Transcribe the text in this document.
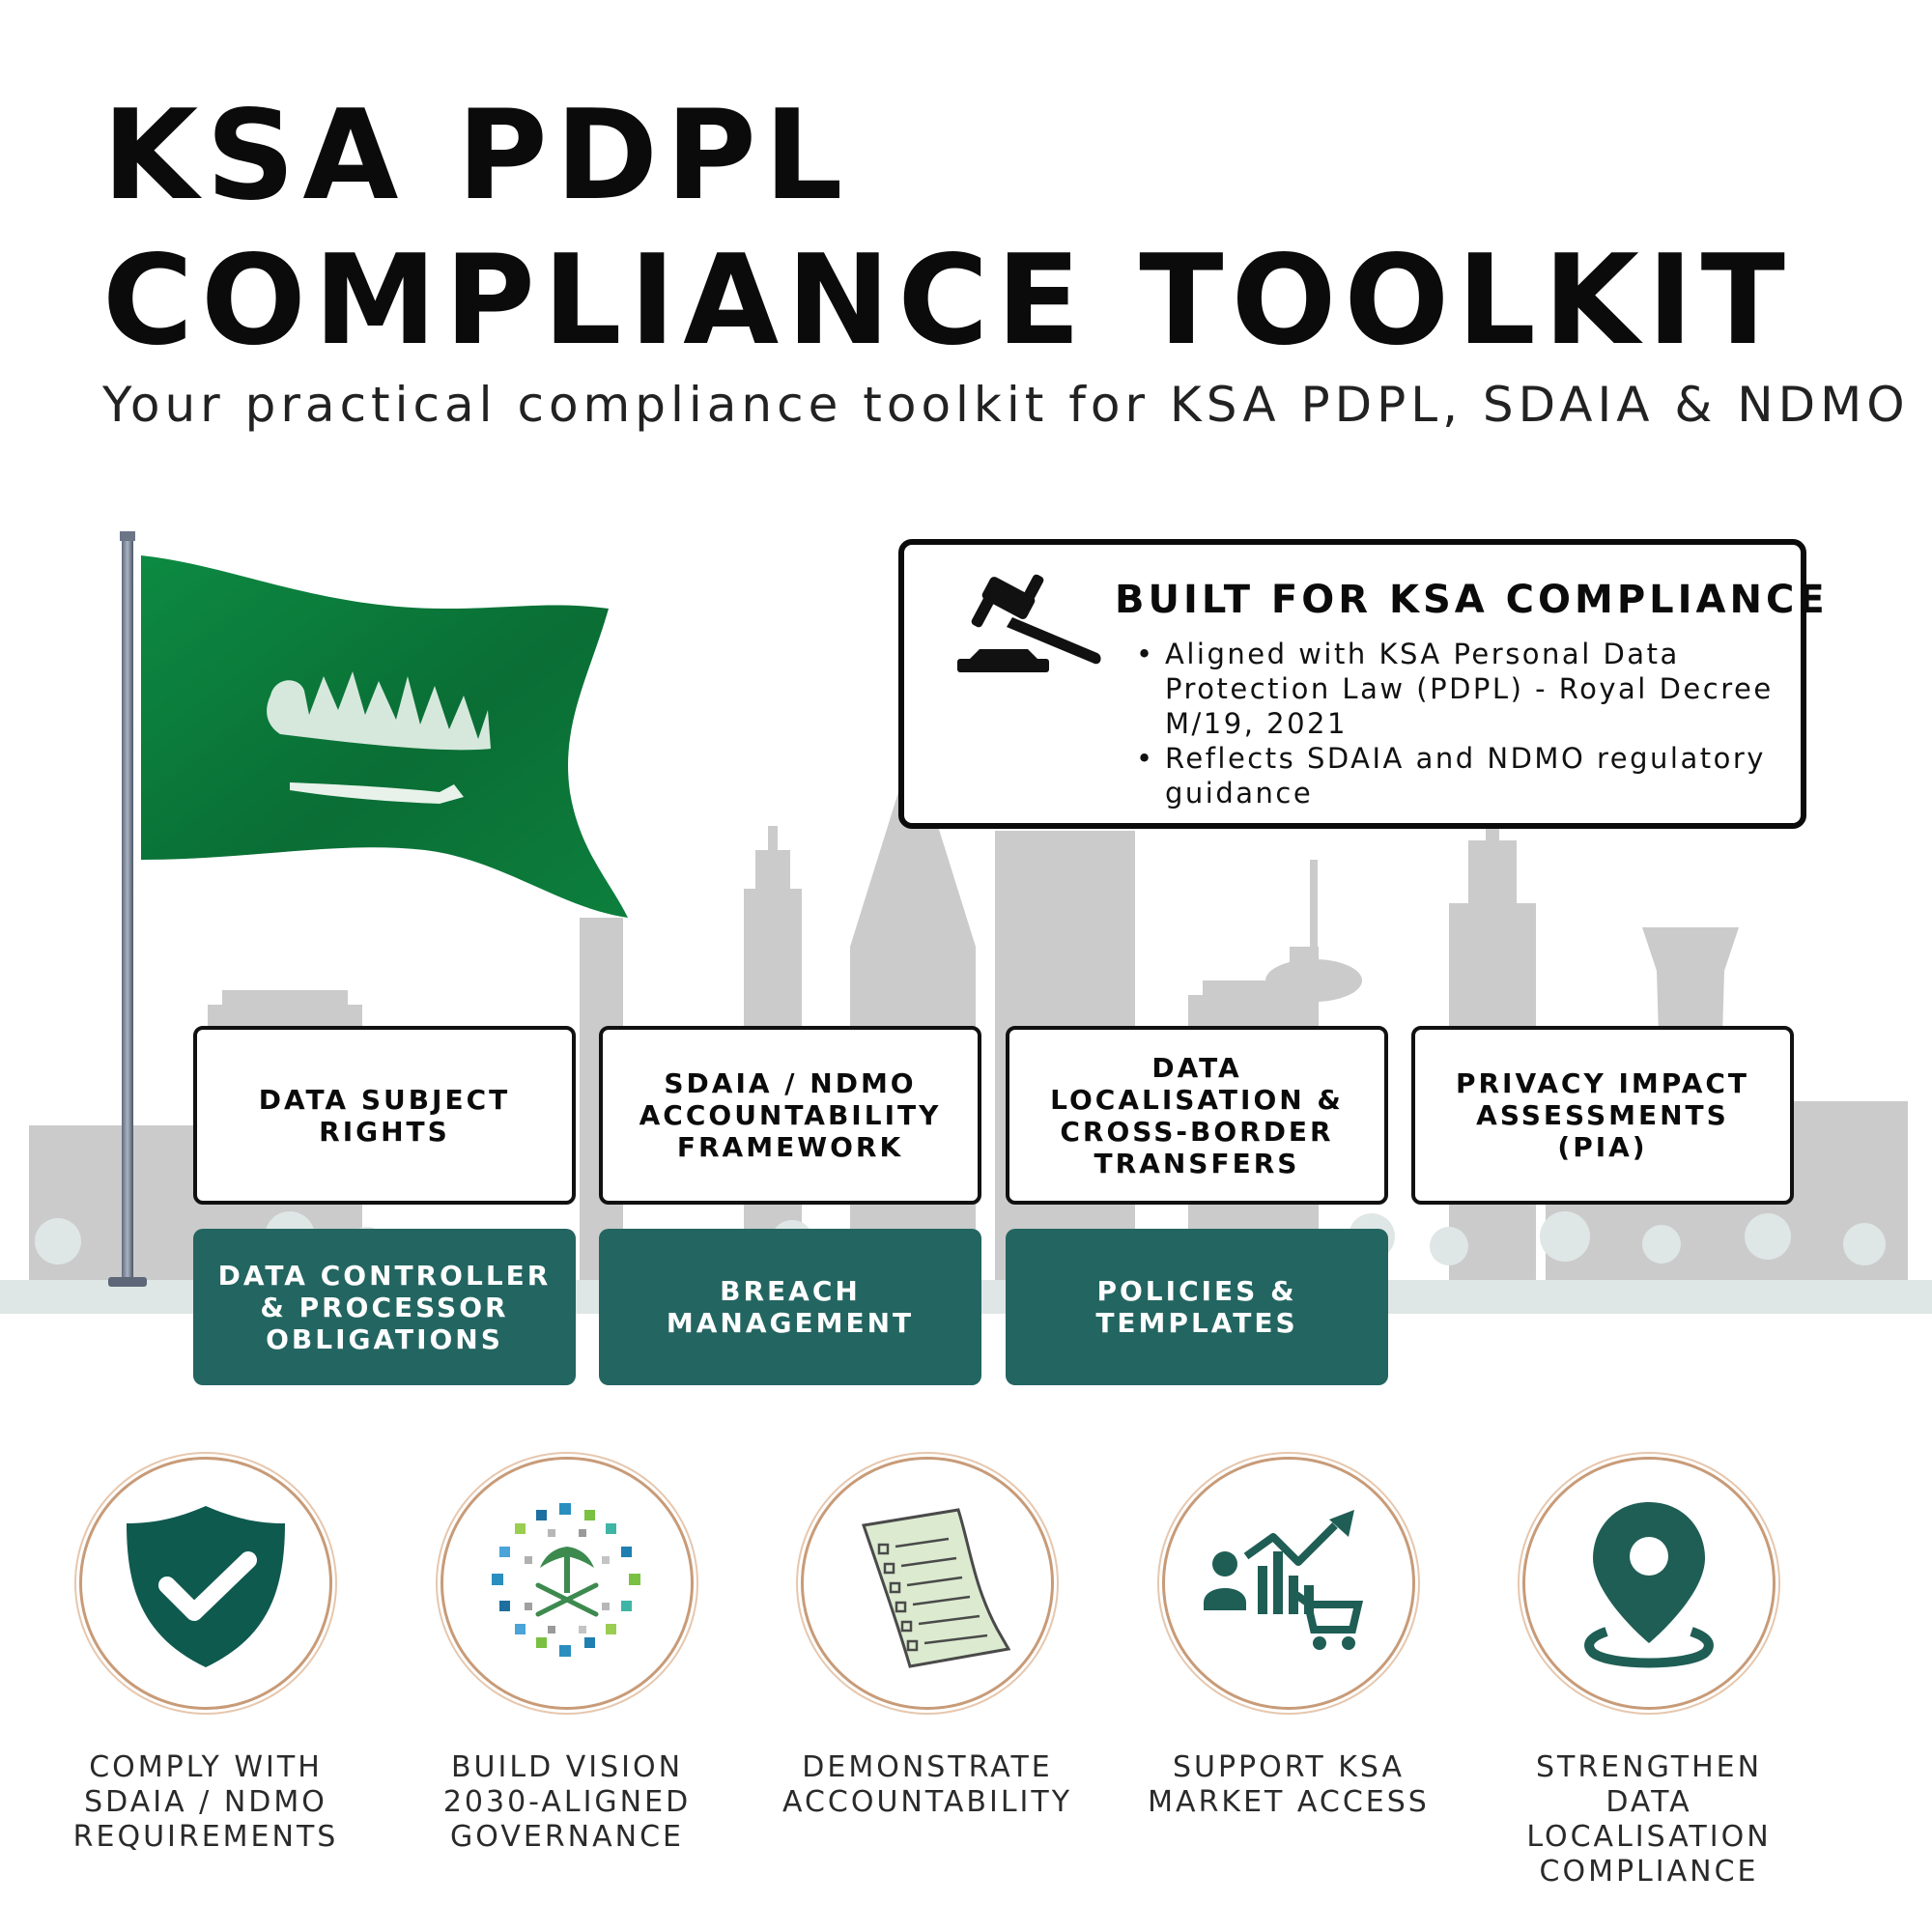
KSA PDPL
COMPLIANCE TOOLKIT
Your practical compliance toolkit for KSA PDPL, SDAIA & NDMO
BUILT FOR KSA COMPLIANCE
• Aligned with KSA Personal Data Protection Law (PDPL) - Royal Decree M/19, 2021
• Reflects SDAIA and NDMO regulatory guidance
DATA SUBJECT RIGHTS
SDAIA / NDMO ACCOUNTABILITY FRAMEWORK
DATA LOCALISATION & CROSS-BORDER TRANSFERS
PRIVACY IMPACT ASSESSMENTS (PIA)
DATA CONTROLLER & PROCESSOR OBLIGATIONS
BREACH MANAGEMENT
POLICIES & TEMPLATES
COMPLY WITH
SDAIA / NDMO
REQUIREMENTS
BUILD VISION
2030-ALIGNED
GOVERNANCE
DEMONSTRATE
ACCOUNTABILITY
SUPPORT KSA
MARKET ACCESS
STRENGTHEN
DATA
LOCALISATION
COMPLIANCE
